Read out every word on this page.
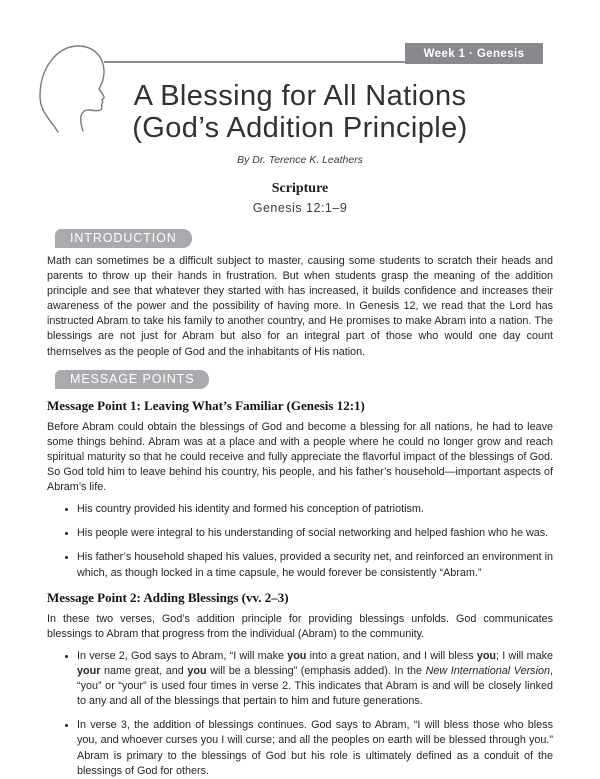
Week 1 · Genesis
A Blessing for All Nations
(God’s Addition Principle)
By Dr. Terence K. Leathers
Scripture
Genesis 12:1–9
INTRODUCTION

Math can sometimes be a difficult subject to master, causing some students to scratch their heads and parents to throw up their hands in frustration. But when students grasp the meaning of the addition principle and see that whatever they started with has increased, it builds confidence and increases their awareness of the power and the possibility of having more. In Genesis 12, we read that the Lord has instructed Abram to take his family to another country, and He promises to make Abram into a nation. The blessings are not just for Abram but also for an integral part of those who would one day count themselves as the people of God and the inhabitants of His nation.

MESSAGE POINTS
Message Point 1: Leaving What’s Familiar (Genesis 12:1)

Before Abram could obtain the blessings of God and become a blessing for all nations, he had to leave some things behind. Abram was at a place and with a people where he could no longer grow and reach spiritual maturity so that he could receive and fully appreciate the flavorful impact of the blessings of God. So God told him to leave behind his country, his people, and his father’s household—important aspects of Abram’s life.

• His country provided his identity and formed his conception of patriotism.
• His people were integral to his understanding of social networking and helped fashion who he was.
• His father’s household shaped his values, provided a security net, and reinforced an environment in which, as though locked in a time capsule, he would forever be consistently “Abram.”
Message Point 2: Adding Blessings (vv. 2–3)

In these two verses, God’s addition principle for providing blessings unfolds. God communicates blessings to Abram that progress from the individual (Abram) to the community.

• In verse 2, God says to Abram, “I will make you into a great nation, and I will bless you; I will make your name great, and you will be a blessing” (emphasis added). In the New International Version, “you” or “your” is used four times in verse 2. This indicates that Abram is and will be closely linked to any and all of the blessings that pertain to him and future generations.
• In verse 3, the addition of blessings continues. God says to Abram, “I will bless those who bless you, and whoever curses you I will curse; and all the peoples on earth will be blessed through you.” Abram is primary to the blessings of God but his role is ultimately defined as a conduit of the blessings of God for others.
